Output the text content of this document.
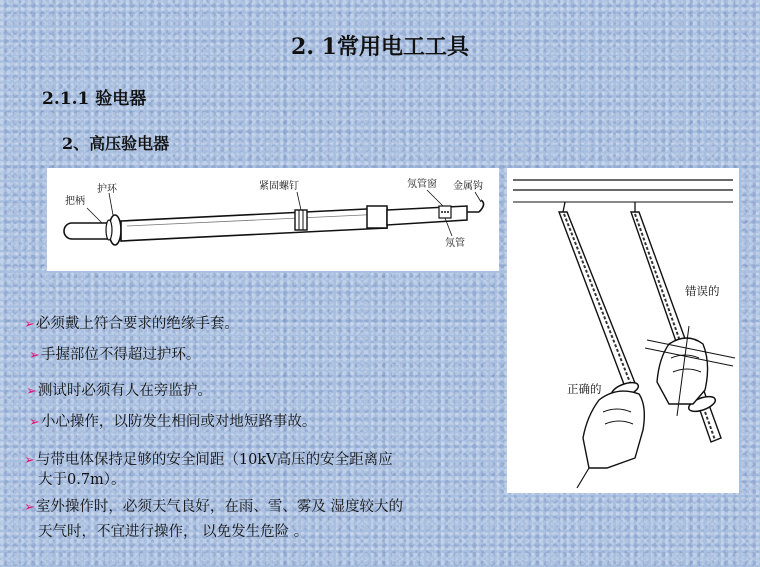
2. 1常用电工工具
2.1.1 验电器
2、高压验电器
把柄
护环	紧固螺钉	氖管窗 金属钩
氖管
错误的
正确的
➢必须戴上符合要求的绝缘手套。
➢手握部位不得超过护环。
➢测试时必须有人在旁监护。
➢小心操作，以防发生相间或对地短路事故。
➢与带电体保持足够的安全间距（10kV高压的安全距离应
大于0.7m）。
➢室外操作时，必须天气良好，在雨、雪、雾及 湿度较大的
天气时，不宜进行操作， 以免发生危险 。
